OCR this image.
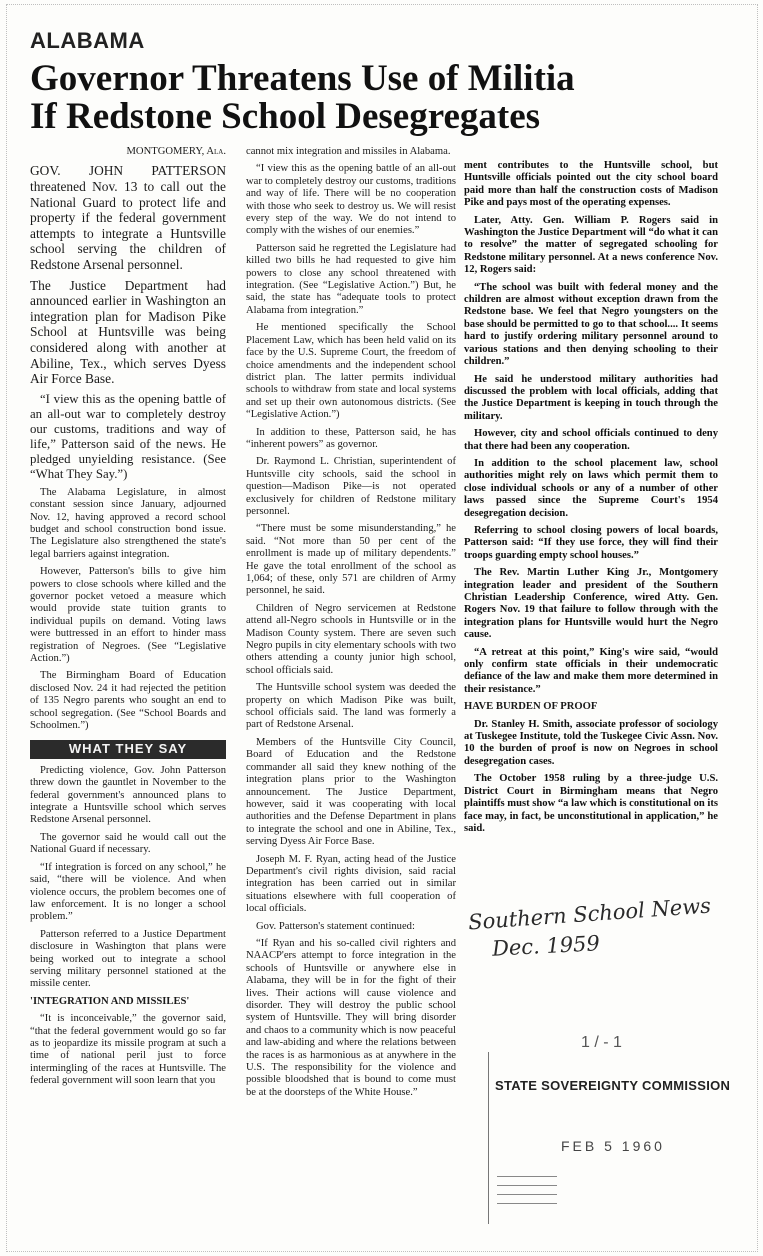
ALABAMA
Governor Threatens Use of Militia
If Redstone School Desegregates

MONTGOMERY, Ala.

GOV. JOHN PATTERSON threatened Nov. 13 to call out the National Guard to protect life and property if the federal government attempts to integrate a Huntsville school serving the children of Redstone Arsenal personnel.

The Justice Department had announced earlier in Washington an integration plan for Madison Pike School at Huntsville was being considered along with another at Abiline, Tex., which serves Dyess Air Force Base.

“I view this as the opening battle of an all-out war to completely destroy our customs, traditions and way of life,” Patterson said of the news. He pledged unyielding resistance. (See “What They Say.”)

The Alabama Legislature, in almost constant session since January, adjourned Nov. 12, having approved a record school budget and school construction bond issue. The Legislature also strengthened the state's legal barriers against integration.

However, Patterson's bills to give him powers to close schools where killed and the governor pocket vetoed a measure which would provide state tuition grants to individual pupils on demand. Voting laws were buttressed in an effort to hinder mass registration of Negroes. (See “Legislative Action.”)

The Birmingham Board of Education disclosed Nov. 24 it had rejected the petition of 135 Negro parents who sought an end to school segregation. (See “School Boards and Schoolmen.”)

WHAT THEY SAY

Predicting violence, Gov. John Patterson threw down the gauntlet in November to the federal government's announced plans to integrate a Huntsville school which serves Redstone Arsenal personnel.

The governor said he would call out the National Guard if necessary.

“If integration is forced on any school,” he said, “there will be violence. And when violence occurs, the problem becomes one of law enforcement. It is no longer a school problem.”

Patterson referred to a Justice Department disclosure in Washington that plans were being worked out to integrate a school serving military personnel stationed at the missile center.

'INTEGRATION AND MISSILES'

“It is inconceivable,” the governor said, “that the federal government would go so far as to jeopardize its missile program at such a time of national peril just to force intermingling of the races at Huntsville. The federal government will soon learn that you

cannot mix integration and missiles in Alabama.

“I view this as the opening battle of an all-out war to completely destroy our customs, traditions and way of life. There will be no cooperation with those who seek to destroy us. We will resist every step of the way. We do not intend to comply with the wishes of our enemies.”

Patterson said he regretted the Legislature had killed two bills he had requested to give him powers to close any school threatened with integration. (See “Legislative Action.”) But, he said, the state has “adequate tools to protect Alabama from integration.”

He mentioned specifically the School Placement Law, which has been held valid on its face by the U.S. Supreme Court, the freedom of choice amendments and the independent school district plan. The latter permits individual schools to withdraw from state and local systems and set up their own autonomous districts. (See “Legislative Action.”)

In addition to these, Patterson said, he has “inherent powers” as governor.

Dr. Raymond L. Christian, superintendent of Huntsville city schools, said the school in question—Madison Pike—is not operated exclusively for children of Redstone military personnel.

“There must be some misunderstanding,” he said. “Not more than 50 per cent of the enrollment is made up of military dependents.” He gave the total enrollment of the school as 1,064; of these, only 571 are children of Army personnel, he said.

Children of Negro servicemen at Redstone attend all-Negro schools in Huntsville or in the Madison County system. There are seven such Negro pupils in city elementary schools with two others attending a county junior high school, school officials said.

The Huntsville school system was deeded the property on which Madison Pike was built, school officials said. The land was formerly a part of Redstone Arsenal.

Members of the Huntsville City Council, Board of Education and the Redstone commander all said they knew nothing of the integration plans prior to the Washington announcement. The Justice Department, however, said it was cooperating with local authorities and the Defense Department in plans to integrate the school and one in Abiline, Tex., serving Dyess Air Force Base.

Joseph M. F. Ryan, acting head of the Justice Department's civil rights division, said racial integration has been carried out in similar situations elsewhere with full cooperation of local officials.

Gov. Patterson's statement continued:

“If Ryan and his so-called civil righters and NAACP'ers attempt to force integration in the schools of Huntsville or anywhere else in Alabama, they will be in for the fight of their lives. Their actions will cause violence and disorder. They will destroy the public school system of Huntsville. They will bring disorder and chaos to a community which is now peaceful and law-abiding and where the relations between the races is as harmonious as at anywhere in the U.S. The responsibility for the violence and possible bloodshed that is bound to come must be at the doorsteps of the White House.”

ment contributes to the Huntsville school, but Huntsville officials pointed out the city school board paid more than half the construction costs of Madison Pike and pays most of the operating expenses.

Later, Atty. Gen. William P. Rogers said in Washington the Justice Department will “do what it can to resolve” the matter of segregated schooling for Redstone military personnel. At a news conference Nov. 12, Rogers said:

“The school was built with federal money and the children are almost without exception drawn from the Redstone base. We feel that Negro youngsters on the base should be permitted to go to that school.... It seems hard to justify ordering military personnel around to various stations and then denying schooling to their children.”

He said he understood military authorities had discussed the problem with local officials, adding that the Justice Department is keeping in touch through the military.

However, city and school officials continued to deny that there had been any cooperation.

In addition to the school placement law, school authorities might rely on laws which permit them to close individual schools or any of a number of other laws passed since the Supreme Court's 1954 desegregation decision.

Referring to school closing powers of local boards, Patterson said: “If they use force, they will find their troops guarding empty school houses.”

The Rev. Martin Luther King Jr., Montgomery integration leader and president of the Southern Christian Leadership Conference, wired Atty. Gen. Rogers Nov. 19 that failure to follow through with the integration plans for Huntsville would hurt the Negro cause.

“A retreat at this point,” King's wire said, “would only confirm state officials in their undemocratic defiance of the law and make them more determined in their resistance.”

HAVE BURDEN OF PROOF

Dr. Stanley H. Smith, associate professor of sociology at Tuskegee Institute, told the Tuskegee Civic Assn. Nov. 10 the burden of proof is now on Negroes in school desegregation cases.

The October 1958 ruling by a three-judge U.S. District Court in Birmingham means that Negro plaintiffs must show “a law which is constitutional on its face may, in fact, be unconstitutional in application,” he said.

Southern School News
Dec. 1959
1 / - 1
STATE SOVEREIGNTY COMMISSION
FEB 5 1960
